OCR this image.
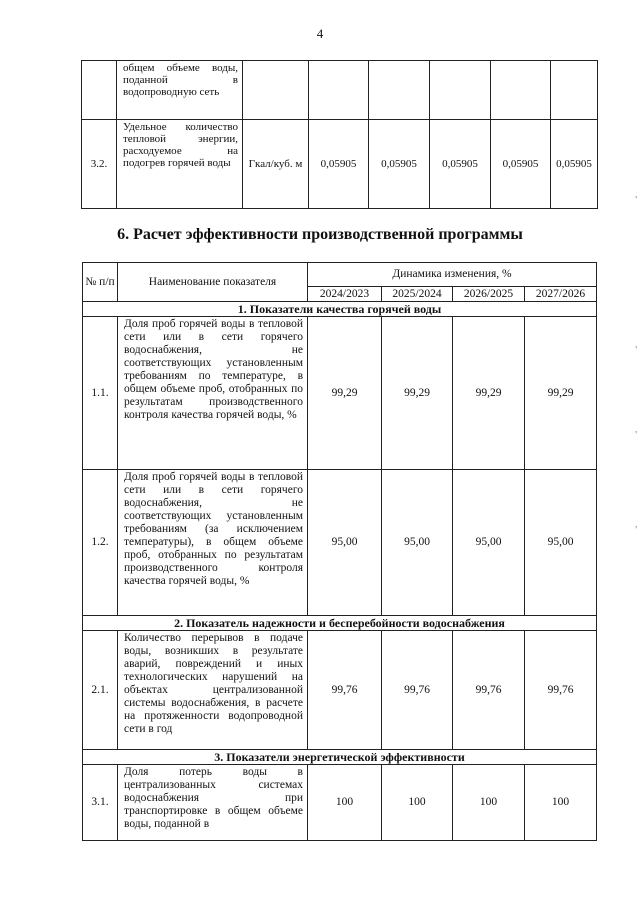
4
'
'
'
'
	общем объеме воды, поданной в водопроводную сеть						
3.2.	Удельное количество тепловой энергии, расходуемое на подогрев горячей воды	Гкал/куб. м	0,05905	0,05905	0,05905	0,05905	0,05905
6. Расчет эффективности производственной программы
№ п/п	Наименование показателя	Динамика изменения, %			
		2024/2023	2025/2024	2026/2025	2027/2026
1. Показатели качества горячей воды					
1.1.	Доля проб горячей воды в тепловой сети или в сети горячего водоснабжения, не соответствующих установленным требованиям по температуре, в общем объеме проб, отобранных по результатам производственного контроля качества горячей воды, %	99,29	99,29	99,29	99,29
1.2.	Доля проб горячей воды в тепловой сети или в сети горячего водоснабжения, не соответствующих установленным требованиям (за исключением температуры), в общем объеме проб, отобранных по результатам производственного контроля качества горячей воды, %	95,00	95,00	95,00	95,00
2. Показатель надежности и бесперебойности водоснабжения					
2.1.	Количество перерывов в подаче воды, возникших в результате аварий, повреждений и иных технологических нарушений на объектах централизованной системы водоснабжения, в расчете на протяженности водопроводной сети в год	99,76	99,76	99,76	99,76
3. Показатели энергетической эффективности					
3.1.	Доля потерь воды в централизованных системах водоснабжения при транспортировке в общем объеме воды, поданной в	100	100	100	100
